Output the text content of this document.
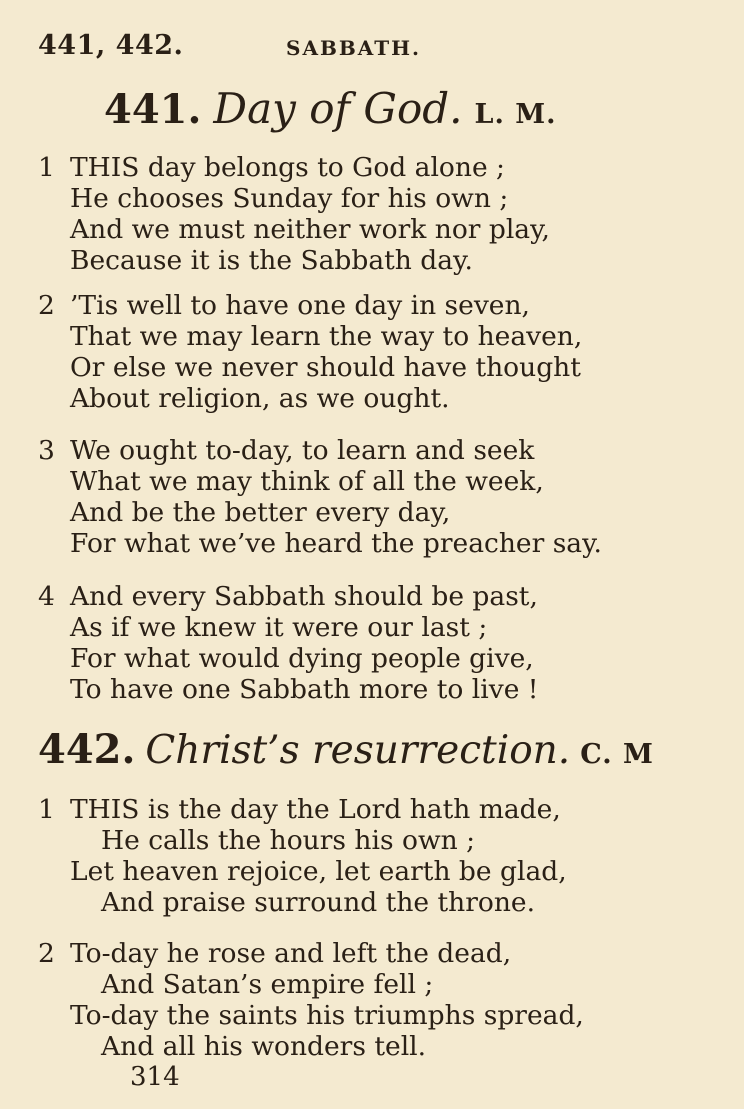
441, 442.	SABBATH.
441. Day of God. L. M.
1 THIS day belongs to God alone ;
He chooses Sunday for his own ;
And we must neither work nor play,
Because it is the Sabbath day.
2 ’Tis well to have one day in seven,
That we may learn the way to heaven,
Or else we never should have thought
About religion, as we ought.
3 We ought to-day, to learn and seek
What we may think of all the week,
And be the better every day,
For what we’ve heard the preacher say.
4 And every Sabbath should be past,
As if we knew it were our last ;
For what would dying people give,
To have one Sabbath more to live !
442. Christ’s resurrection. C. M
1 THIS is the day the Lord hath made,
He calls the hours his own ;
Let heaven rejoice, let earth be glad,
And praise surround the throne.
2 To-day he rose and left the dead,
And Satan’s empire fell ;
To-day the saints his triumphs spread,
And all his wonders tell.
314
